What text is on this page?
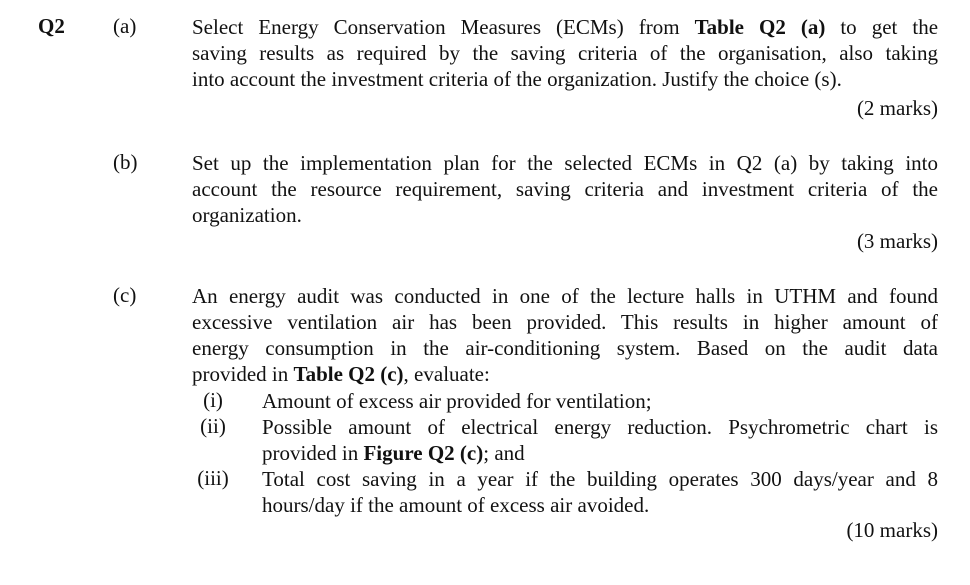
Q2 (a)	Select Energy Conservation Measures (ECMs) from Table Q2 (a) to get the
saving results as required by the saving criteria of the organisation, also taking
into account the investment criteria of the organization. Justify the choice (s).
(2 marks)
(b)	Set up the implementation plan for the selected ECMs in Q2 (a) by taking into
account the resource requirement, saving criteria and investment criteria of the
organization.
(3 marks)
(c)	An energy audit was conducted in one of the lecture halls in UTHM and found
excessive ventilation air has been provided. This results in higher amount of
energy consumption in the air-conditioning system. Based on the audit data
provided in Table Q2 (c), evaluate:
(i)	Amount of excess air provided for ventilation;
(ii)	Possible amount of electrical energy reduction. Psychrometric chart is
provided in Figure Q2 (c); and
(iii)	Total cost saving in a year if the building operates 300 days/year and 8
hours/day if the amount of excess air avoided.
(10 marks)
